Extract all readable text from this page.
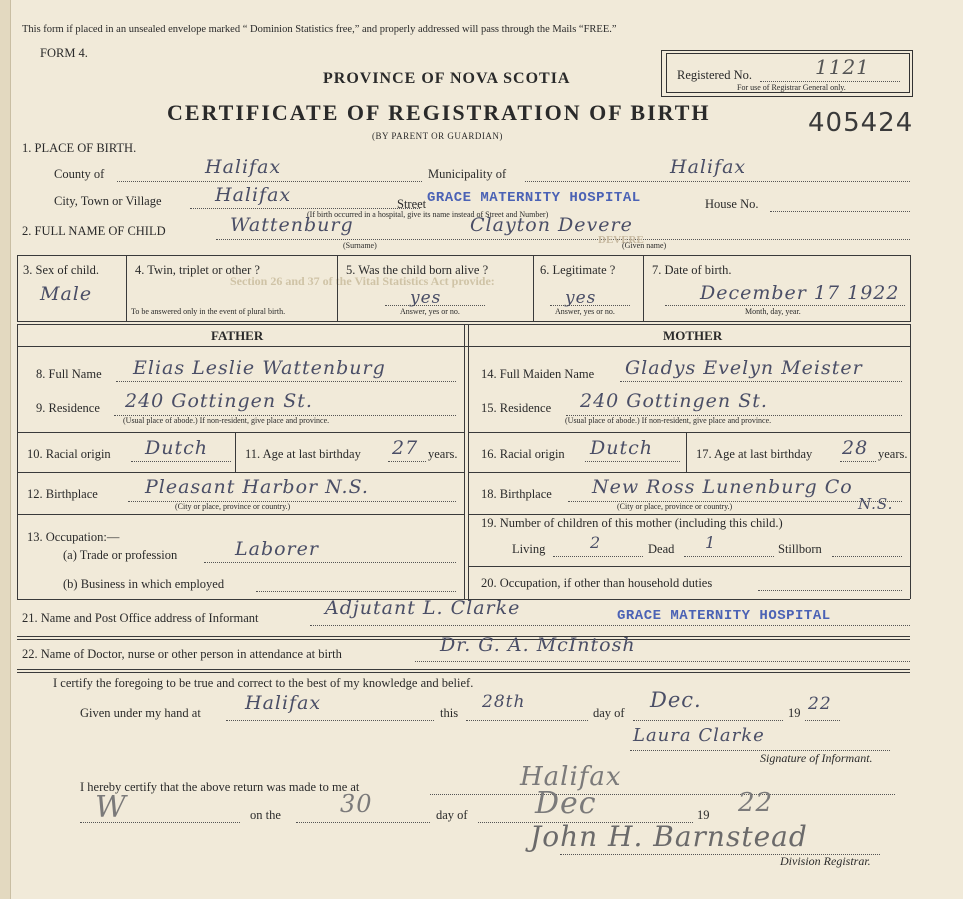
Section 26 and 37 of the Vital Statistics Act provide:
This form if placed in an unsealed envelope marked “ Dominion Statistics free,” and properly addressed will pass through the Mails “FREE.”
FORM 4.
Registered No.	1121
For use of Registrar General only.
PROVINCE OF NOVA SCOTIA
CERTIFICATE OF REGISTRATION OF BIRTH
(BY PARENT OR GUARDIAN)	405424
1. PLACE OF BIRTH.
County of	Halifax	Municipality of	Halifax
City, Town or Village	Halifax	Street GRACE MATERNITY HOSPITAL	House No.
(If birth occurred in a hospital, give its name instead of Street and Number)
2. FULL NAME OF CHILD	Wattenburg	Clayton Devere
DEVERE
(Surname)	(Given name)
3. Sex of child.
Male
4. Twin, triplet or other ?
To be answered only in the event of plural birth.
5. Was the child born alive ?
yes
Answer, yes or no.
6. Legitimate ?
yes
Answer, yes or no.
7. Date of birth.
December 17 1922
Month, day, year.
FATHER	MOTHER
8. Full Name Elias Leslie Wattenburg
9. Residence 240 Gottingen St.
(Usual place of abode.) If non-resident, give place and province.
10. Racial origin Dutch	11. Age at last birthday 27 years.
12. Birthplace Pleasant Harbor N.S.
(City or place, province or country.)
13. Occupation:—
(a) Trade or profession	Laborer
(b) Business in which employed
14. Full Maiden Name Gladys Evelyn Meister
15. Residence 240 Gottingen St.
(Usual place of abode.) If non-resident, give place and province.
16. Racial origin Dutch	17. Age at last birthday 28 years.
18. Birthplace New Ross Lunenburg Co
N.S.
(City or place, province or country.)
19. Number of children of this mother (including this child.)
Living	2	Dead 1	Stillborn
20. Occupation, if other than household duties
21. Name and Post Office address of Informant	Adjutant L. Clarke	GRACE MATERNITY HOSPITAL
22. Name of Doctor, nurse or other person in attendance at birth	Dr. G. A. McIntosh
I certify the foregoing to be true and correct to the best of my knowledge and belief.
Given under my hand at Halifax	this
28th
day of
Dec.
19 22
Laura Clarke
Signature of Informant.
I hereby certify that the above return was made to me at	Halifax
W	on the 30	day of Dec	19 22
John H. Barnstead
Division Registrar.
